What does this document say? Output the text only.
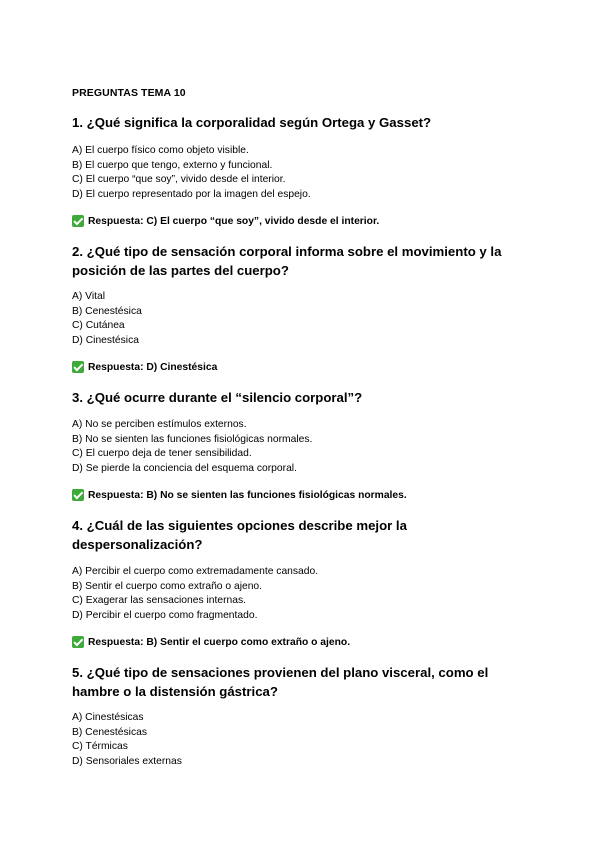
PREGUNTAS TEMA 10
1. ¿Qué significa la corporalidad según Ortega y Gasset?
A) El cuerpo físico como objeto visible.
B) El cuerpo que tengo, externo y funcional.
C) El cuerpo “que soy”, vivido desde el interior.
D) El cuerpo representado por la imagen del espejo.
Respuesta: C) El cuerpo “que soy”, vivido desde el interior.
2. ¿Qué tipo de sensación corporal informa sobre el movimiento y la posición de las partes del cuerpo?
A) Vital
B) Cenestésica
C) Cutánea
D) Cinestésica
Respuesta: D) Cinestésica
3. ¿Qué ocurre durante el “silencio corporal”?
A) No se perciben estímulos externos.
B) No se sienten las funciones fisiológicas normales.
C) El cuerpo deja de tener sensibilidad.
D) Se pierde la conciencia del esquema corporal.
Respuesta: B) No se sienten las funciones fisiológicas normales.
4. ¿Cuál de las siguientes opciones describe mejor la despersonalización?
A) Percibir el cuerpo como extremadamente cansado.
B) Sentir el cuerpo como extraño o ajeno.
C) Exagerar las sensaciones internas.
D) Percibir el cuerpo como fragmentado.
Respuesta: B) Sentir el cuerpo como extraño o ajeno.
5. ¿Qué tipo de sensaciones provienen del plano visceral, como el hambre o la distensión gástrica?
A) Cinestésicas
B) Cenestésicas
C) Térmicas
D) Sensoriales externas
